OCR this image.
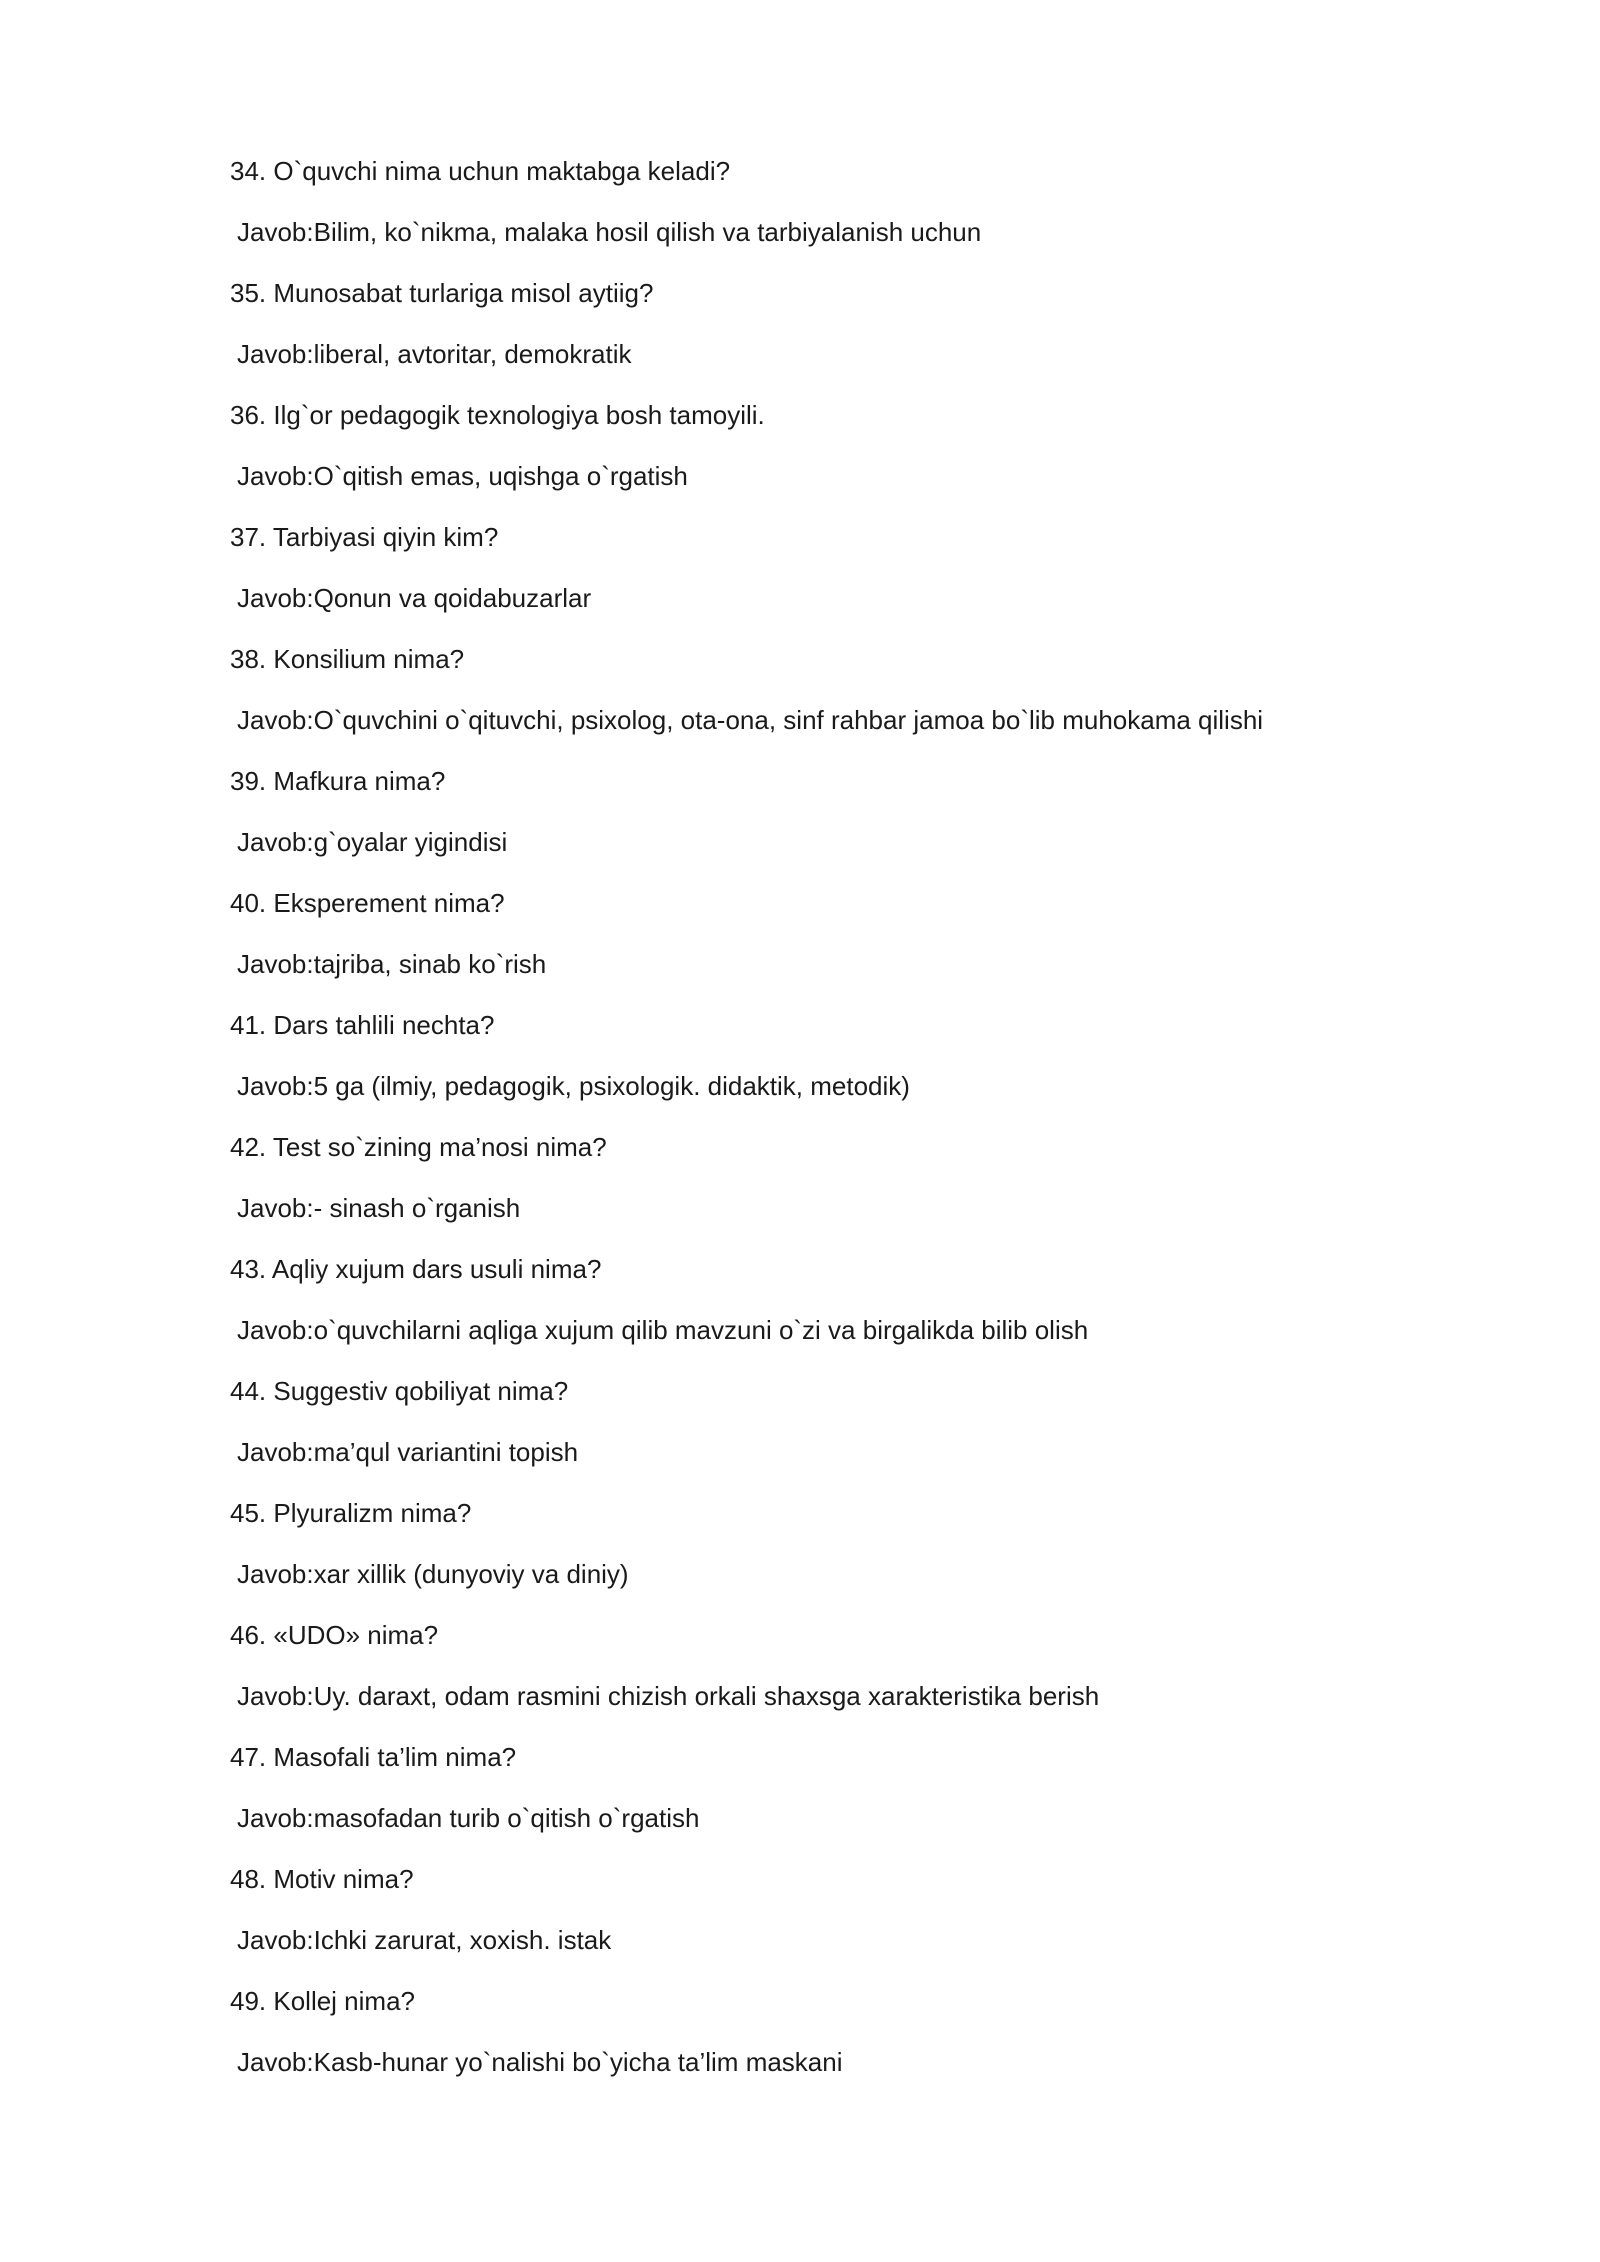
34. O`quvchi nima uchun maktabga keladi?
Javob:Bilim, ko`nikma, malaka hosil qilish va tarbiyalanish uchun
35. Munosabat turlariga misol aytiig?
Javob:liberal, avtoritar, demokratik
36. Ilg`or pedagogik texnologiya bosh tamoyili.
Javob:O`qitish emas, uqishga o`rgatish
37. Tarbiyasi qiyin kim?
Javob:Qonun va qoidabuzarlar
38. Konsilium nima?
Javob:O`quvchini o`qituvchi, psixolog, ota-ona, sinf rahbar jamoa bo`lib muhokama qilishi
39. Mafkura nima?
Javob:g`oyalar yigindisi
40. Eksperement nima?
Javob:tajriba, sinab ko`rish
41. Dars tahlili nechta?
Javob:5 ga (ilmiy, pedagogik, psixologik. didaktik, metodik)
42. Test so`zining ma’nosi nima?
Javob:- sinash o`rganish
43. Aqliy xujum dars usuli nima?
Javob:o`quvchilarni aqliga xujum qilib mavzuni o`zi va birgalikda bilib olish
44. Suggestiv qobiliyat nima?
Javob:ma’qul variantini topish
45. Plyuralizm nima?
Javob:xar xillik (dunyoviy va diniy)
46. «UDO» nima?
Javob:Uy. daraxt, odam rasmini chizish orkali shaxsga xarakteristika berish
47. Masofali ta’lim nima?
Javob:masofadan turib o`qitish o`rgatish
48. Motiv nima?
Javob:Ichki zarurat, xoxish. istak
49. Kollej nima?
Javob:Kasb-hunar yo`nalishi bo`yicha ta’lim maskani
